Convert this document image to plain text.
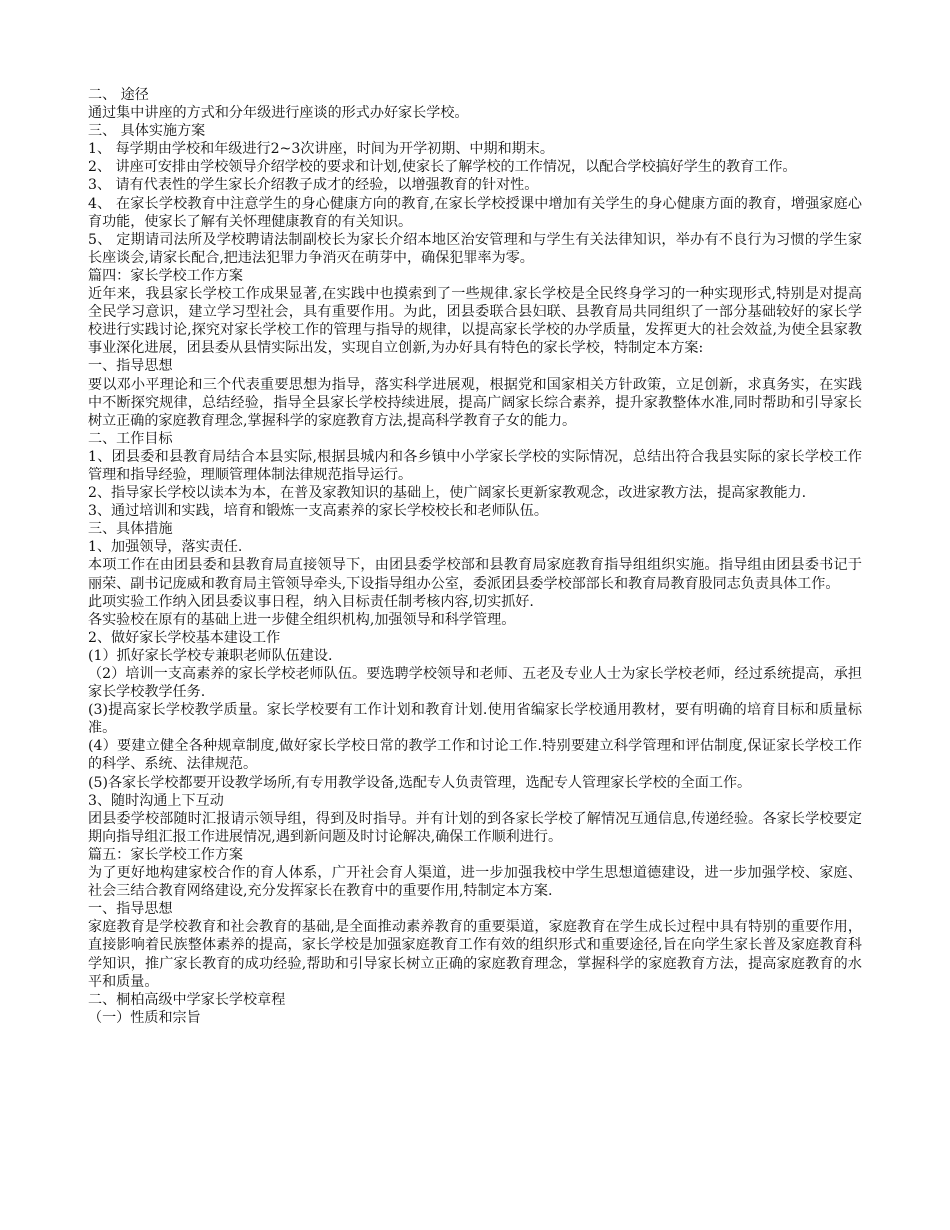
二、 途径
通过集中讲座的方式和分年级进行座谈的形式办好家长学校。
三、 具体实施方案
1、 每学期由学校和年级进行2~3次讲座，时间为开学初期、中期和期末。
2、 讲座可安排由学校领导介绍学校的要求和计划,使家长了解学校的工作情况，以配合学校搞好学生的教育工作。
3、 请有代表性的学生家长介绍教子成才的经验，以增强教育的针对性。
4、 在家长学校教育中注意学生的身心健康方向的教育,在家长学校授课中增加有关学生的身心健康方面的教育，增强家庭心育功能，使家长了解有关怀理健康教育的有关知识。
5、 定期请司法所及学校聘请法制副校长为家长介绍本地区治安管理和与学生有关法律知识，举办有不良行为习惯的学生家长座谈会,请家长配合,把违法犯罪力争消灭在萌芽中，确保犯罪率为零。
篇四：家长学校工作方案
近年来，我县家长学校工作成果显著,在实践中也摸索到了一些规律.家长学校是全民终身学习的一种实现形式,特别是对提高全民学习意识，建立学习型社会，具有重要作用。为此，团县委联合县妇联、县教育局共同组织了一部分基础较好的家长学校进行实践讨论,探究对家长学校工作的管理与指导的规律，以提高家长学校的办学质量，发挥更大的社会效益,为使全县家教事业深化进展，团县委从县情实际出发，实现自立创新,为办好具有特色的家长学校，特制定本方案:
一、指导思想
要以邓小平理论和三个代表重要思想为指导，落实科学进展观，根据党和国家相关方针政策，立足创新，求真务实，在实践中不断探究规律，总结经验，指导全县家长学校持续进展，提高广阔家长综合素养，提升家教整体水准,同时帮助和引导家长树立正确的家庭教育理念,掌握科学的家庭教育方法,提高科学教育子女的能力。
二、工作目标
1、团县委和县教育局结合本县实际,根据县城内和各乡镇中小学家长学校的实际情况，总结出符合我县实际的家长学校工作管理和指导经验，理顺管理体制法律规范指导运行。
2、指导家长学校以读本为本，在普及家教知识的基础上，使广阔家长更新家教观念，改进家教方法，提高家教能力.
3、通过培训和实践，培育和锻炼一支高素养的家长学校校长和老师队伍。
三、具体措施
1、加强领导，落实责任.
本项工作在由团县委和县教育局直接领导下，由团县委学校部和县教育局家庭教育指导组组织实施。指导组由团县委书记于丽荣、副书记庞威和教育局主管领导牵头,下设指导组办公室，委派团县委学校部部长和教育局教育股同志负责具体工作。
此项实验工作纳入团县委议事日程，纳入目标责任制考核内容,切实抓好.
各实验校在原有的基础上进一步健全组织机构,加强领导和科学管理。
2、做好家长学校基本建设工作
(1）抓好家长学校专兼职老师队伍建设.
（2）培训一支高素养的家长学校老师队伍。要选聘学校领导和老师、五老及专业人士为家长学校老师，经过系统提高，承担家长学校教学任务.
(3)提高家长学校教学质量。家长学校要有工作计划和教育计划.使用省编家长学校通用教材，要有明确的培育目标和质量标准。
(4）要建立健全各种规章制度,做好家长学校日常的教学工作和讨论工作.特别要建立科学管理和评估制度,保证家长学校工作的科学、系统、法律规范。
(5)各家长学校都要开设教学场所,有专用教学设备,选配专人负责管理，选配专人管理家长学校的全面工作。
3、随时沟通上下互动
团县委学校部随时汇报请示领导组，得到及时指导。并有计划的到各家长学校了解情况互通信息,传递经验。各家长学校要定期向指导组汇报工作进展情况,遇到新问题及时讨论解决,确保工作顺利进行。
篇五：家长学校工作方案
为了更好地构建家校合作的育人体系，广开社会育人渠道，进一步加强我校中学生思想道德建设，进一步加强学校、家庭、社会三结合教育网络建设,充分发挥家长在教育中的重要作用,特制定本方案.
一、指导思想
家庭教育是学校教育和社会教育的基础,是全面推动素养教育的重要渠道，家庭教育在学生成长过程中具有特别的重要作用，直接影响着民族整体素养的提高，家长学校是加强家庭教育工作有效的组织形式和重要途径,旨在向学生家长普及家庭教育科学知识，推广家长教育的成功经验,帮助和引导家长树立正确的家庭教育理念，掌握科学的家庭教育方法，提高家庭教育的水平和质量。
二、桐柏高级中学家长学校章程
（一）性质和宗旨
